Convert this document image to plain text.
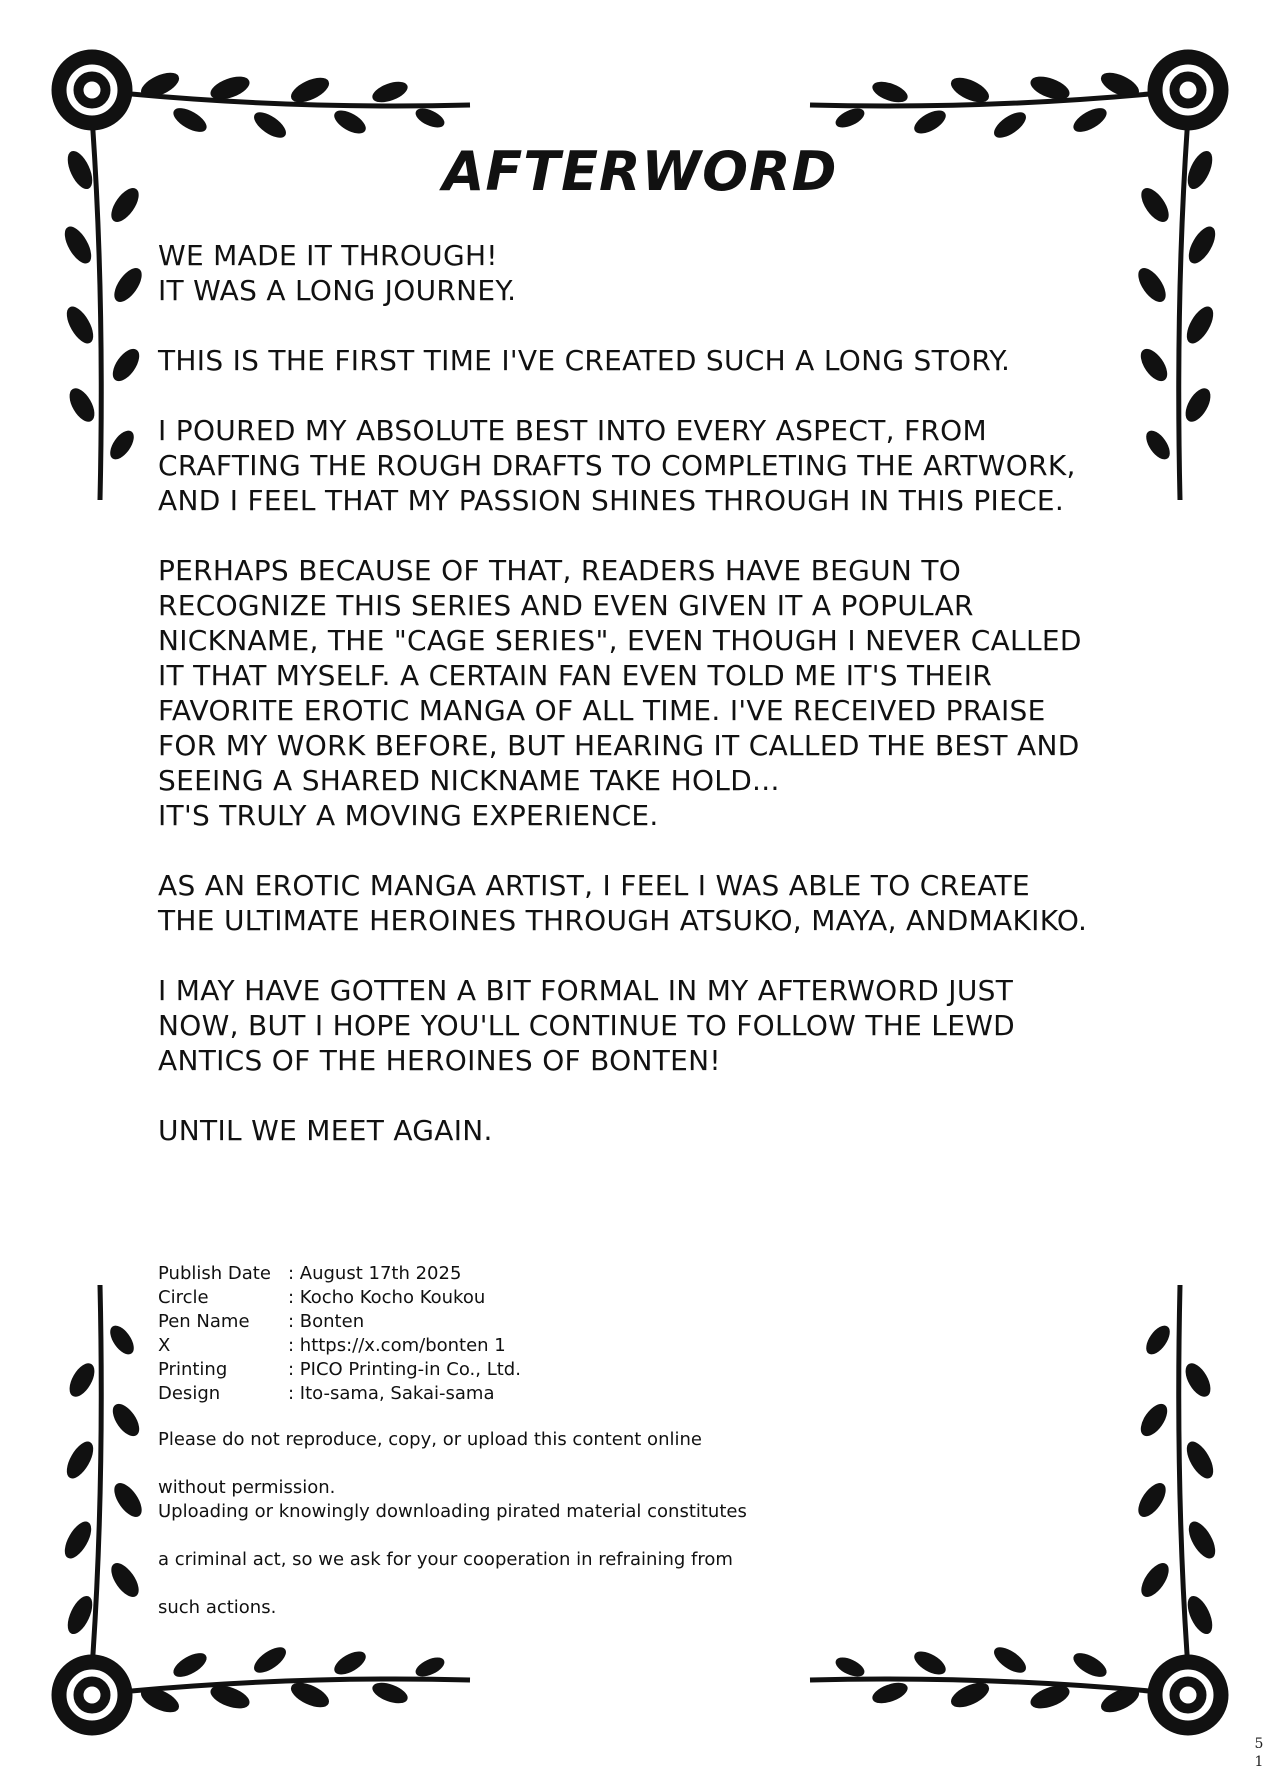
AFTERWORD
WE MADE IT THROUGH!
IT WAS A LONG JOURNEY.
THIS IS THE FIRST TIME I'VE CREATED SUCH A LONG STORY.
I POURED MY ABSOLUTE BEST INTO EVERY ASPECT, FROM
CRAFTING THE ROUGH DRAFTS TO COMPLETING THE ARTWORK,
AND I FEEL THAT MY PASSION SHINES THROUGH IN THIS PIECE.
PERHAPS BECAUSE OF THAT, READERS HAVE BEGUN TO
RECOGNIZE THIS SERIES AND EVEN GIVEN IT A POPULAR
NICKNAME, THE "CAGE SERIES", EVEN THOUGH I NEVER CALLED
IT THAT MYSELF. A CERTAIN FAN EVEN TOLD ME IT'S THEIR
FAVORITE EROTIC MANGA OF ALL TIME. I'VE RECEIVED PRAISE
FOR MY WORK BEFORE, BUT HEARING IT CALLED THE BEST AND
SEEING A SHARED NICKNAME TAKE HOLD...
IT'S TRULY A MOVING EXPERIENCE.
AS AN EROTIC MANGA ARTIST, I FEEL I WAS ABLE TO CREATE
THE ULTIMATE HEROINES THROUGH ATSUKO, MAYA, ANDMAKIKO.
I MAY HAVE GOTTEN A BIT FORMAL IN MY AFTERWORD JUST
NOW, BUT I HOPE YOU'LL CONTINUE TO FOLLOW THE LEWD
ANTICS OF THE HEROINES OF BONTEN!
UNTIL WE MEET AGAIN.
Publish Date : August 17th 2025
Circle	: Kocho Kocho Koukou
Pen Name	: Bonten
X	: https://x.com/bonten 1
Printing	: PICO Printing-in Co., Ltd.
Design	: Ito-sama, Sakai-sama
Please do not reproduce, copy, or upload this content online

without permission.
Uploading or knowingly downloading pirated material constitutes

a criminal act, so we ask for your cooperation in refraining from

such actions.
5
1
